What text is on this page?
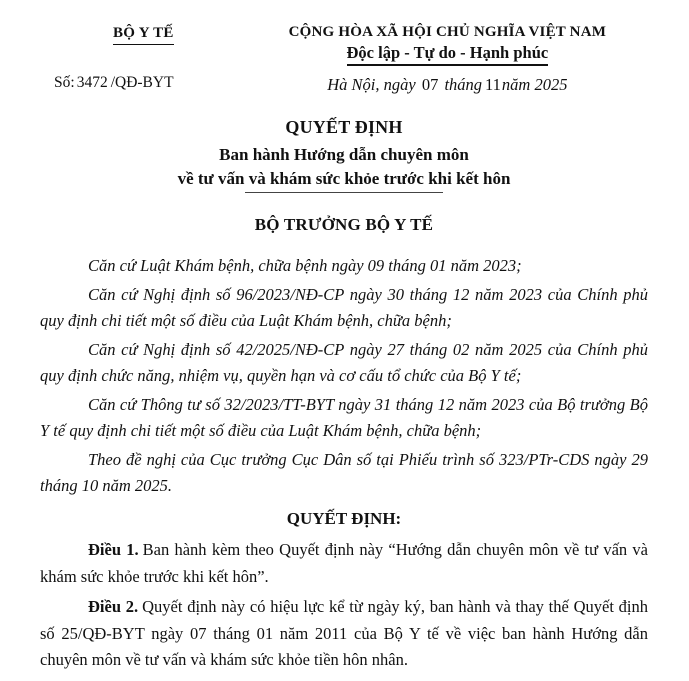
BỘ Y TẾ
Số: 3472 /QĐ-BYT
CỘNG HÒA XÃ HỘI CHỦ NGHĨA VIỆT NAM
Độc lập - Tự do - Hạnh phúc
Hà Nội, ngày 07 tháng 11năm 2025
QUYẾT ĐỊNH
Ban hành Hướng dẫn chuyên môn
về tư vấn và khám sức khỏe trước khi kết hôn
BỘ TRƯỞNG BỘ Y TẾ

Căn cứ Luật Khám bệnh, chữa bệnh ngày 09 tháng 01 năm 2023;

Căn cứ Nghị định số 96/2023/NĐ-CP ngày 30 tháng 12 năm 2023 của Chính phủ quy định chi tiết một số điều của Luật Khám bệnh, chữa bệnh;

Căn cứ Nghị định số 42/2025/NĐ-CP ngày 27 tháng 02 năm 2025 của Chính phủ quy định chức năng, nhiệm vụ, quyền hạn và cơ cấu tổ chức của Bộ Y tế;

Căn cứ Thông tư số 32/2023/TT-BYT ngày 31 tháng 12 năm 2023 của Bộ trưởng Bộ Y tế quy định chi tiết một số điều của Luật Khám bệnh, chữa bệnh;

Theo đề nghị của Cục trưởng Cục Dân số tại Phiếu trình số 323/PTr-CDS ngày 29 tháng 10 năm 2025.

QUYẾT ĐỊNH:

Điều 1. Ban hành kèm theo Quyết định này “Hướng dẫn chuyên môn về tư vấn và khám sức khỏe trước khi kết hôn”.

Điều 2. Quyết định này có hiệu lực kể từ ngày ký, ban hành và thay thế Quyết định số 25/QĐ-BYT ngày 07 tháng 01 năm 2011 của Bộ Y tế về việc ban hành Hướng dẫn chuyên môn về tư vấn và khám sức khỏe tiền hôn nhân.
